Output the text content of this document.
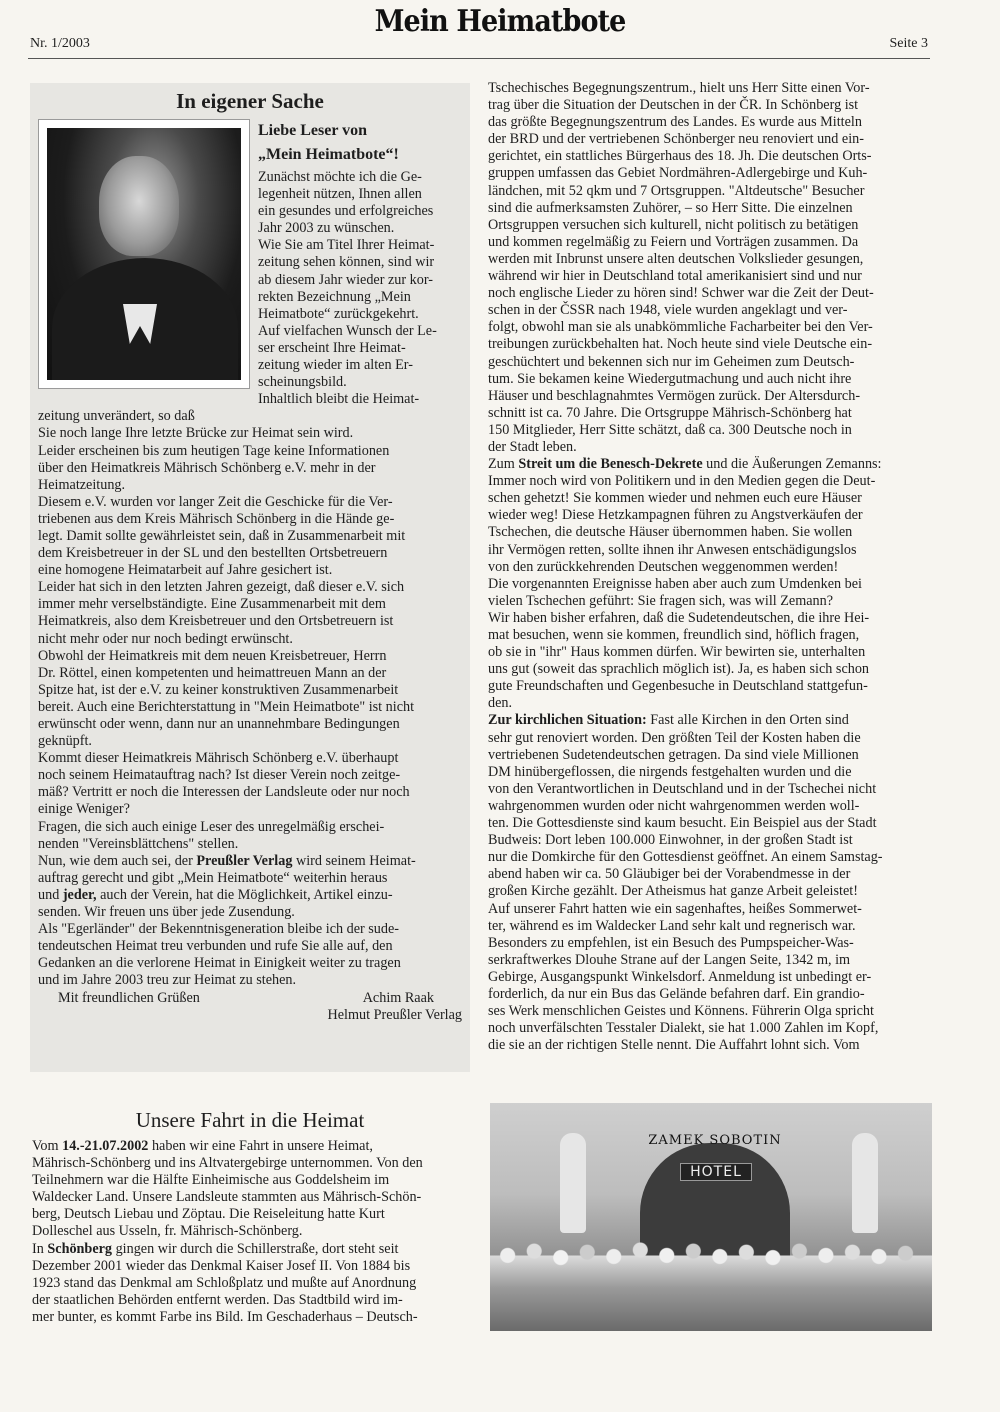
Nr. 1/2003
Mein Heimatbote
Seite 3
In eigener Sache

Liebe Leser von

„Mein Heimatbote“!

Zunächst möchte ich die Ge-

legenheit nützen, Ihnen allen

ein gesundes und erfolgreiches

Jahr 2003 zu wünschen.

Wie Sie am Titel Ihrer Heimat-

zeitung sehen können, sind wir

ab diesem Jahr wieder zur kor-

rekten Bezeichnung „Mein

Heimatbote“ zurückgekehrt.

Auf vielfachen Wunsch der Le-

ser erscheint Ihre Heimat-

zeitung wieder im alten Er-

scheinungsbild.

Inhaltlich bleibt die Heimat-

zeitung unverändert, so daß

Sie noch lange Ihre letzte Brücke zur Heimat sein wird.

Leider erscheinen bis zum heutigen Tage keine Informationen

über den Heimatkreis Mährisch Schönberg e.V. mehr in der

Heimatzeitung.

Diesem e.V. wurden vor langer Zeit die Geschicke für die Ver-

triebenen aus dem Kreis Mährisch Schönberg in die Hände ge-

legt. Damit sollte gewährleistet sein, daß in Zusammenarbeit mit

dem Kreisbetreuer in der SL und den bestellten Ortsbetreuern

eine homogene Heimatarbeit auf Jahre gesichert ist.

Leider hat sich in den letzten Jahren gezeigt, daß dieser e.V. sich

immer mehr verselbständigte. Eine Zusammenarbeit mit dem

Heimatkreis, also dem Kreisbetreuer und den Ortsbetreuern ist

nicht mehr oder nur noch bedingt erwünscht.

Obwohl der Heimatkreis mit dem neuen Kreisbetreuer, Herrn

Dr. Röttel, einen kompetenten und heimattreuen Mann an der

Spitze hat, ist der e.V. zu keiner konstruktiven Zusammenarbeit

bereit. Auch eine Berichterstattung in "Mein Heimatbote" ist nicht

erwünscht oder wenn, dann nur an unannehmbare Bedingungen

geknüpft.

Kommt dieser Heimatkreis Mährisch Schönberg e.V. überhaupt

noch seinem Heimatauftrag nach? Ist dieser Verein noch zeitge-

mäß? Vertritt er noch die Interessen der Landsleute oder nur noch

einige Weniger?

Fragen, die sich auch einige Leser des unregelmäßig erschei-

nenden "Vereinsblättchens" stellen.

Nun, wie dem auch sei, der Preußler Verlag wird seinem Heimat-

auftrag gerecht und gibt „Mein Heimatbote“ weiterhin heraus

und jeder, auch der Verein, hat die Möglichkeit, Artikel einzu-

senden. Wir freuen uns über jede Zusendung.

Als "Egerländer" der Bekenntnisgeneration bleibe ich der sude-

tendeutschen Heimat treu verbunden und rufe Sie alle auf, den

Gedanken an die verlorene Heimat in Einigkeit weiter zu tragen

und im Jahre 2003 treu zur Heimat zu stehen.

Mit freundlichen Grüßen	Achim Raak
Helmut Preußler Verlag
Unsere Fahrt in die Heimat

Vom 14.-21.07.2002 haben wir eine Fahrt in unsere Heimat,

Mährisch-Schönberg und ins Altvatergebirge unternommen. Von den

Teilnehmern war die Hälfte Einheimische aus Goddelsheim im

Waldecker Land. Unsere Landsleute stammten aus Mährisch-Schön-

berg, Deutsch Liebau und Zöptau. Die Reiseleitung hatte Kurt

Dolleschel aus Usseln, fr. Mährisch-Schönberg.

In Schönberg gingen wir durch die Schillerstraße, dort steht seit

Dezember 2001 wieder das Denkmal Kaiser Josef II. Von 1884 bis

1923 stand das Denkmal am Schloßplatz und mußte auf Anordnung

der staatlichen Behörden entfernt werden. Das Stadtbild wird im-

mer bunter, es kommt Farbe ins Bild. Im Geschaderhaus – Deutsch-

Tschechisches Begegnungszentrum., hielt uns Herr Sitte einen Vor-

trag über die Situation der Deutschen in der ČR. In Schönberg ist

das größte Begegnungszentrum des Landes. Es wurde aus Mitteln

der BRD und der vertriebenen Schönberger neu renoviert und ein-

gerichtet, ein stattliches Bürgerhaus des 18. Jh. Die deutschen Orts-

gruppen umfassen das Gebiet Nordmähren-Adlergebirge und Kuh-

ländchen, mit 52 qkm und 7 Ortsgruppen. "Altdeutsche" Besucher

sind die aufmerksamsten Zuhörer, – so Herr Sitte. Die einzelnen

Ortsgruppen versuchen sich kulturell, nicht politisch zu betätigen

und kommen regelmäßig zu Feiern und Vorträgen zusammen. Da

werden mit Inbrunst unsere alten deutschen Volkslieder gesungen,

während wir hier in Deutschland total amerikanisiert sind und nur

noch englische Lieder zu hören sind! Schwer war die Zeit der Deut-

schen in der ČSSR nach 1948, viele wurden angeklagt und ver-

folgt, obwohl man sie als unabkömmliche Facharbeiter bei den Ver-

treibungen zurückbehalten hat. Noch heute sind viele Deutsche ein-

geschüchtert und bekennen sich nur im Geheimen zum Deutsch-

tum. Sie bekamen keine Wiedergutmachung und auch nicht ihre

Häuser und beschlagnahmtes Vermögen zurück. Der Altersdurch-

schnitt ist ca. 70 Jahre. Die Ortsgruppe Mährisch-Schönberg hat

150 Mitglieder, Herr Sitte schätzt, daß ca. 300 Deutsche noch in

der Stadt leben.

Zum Streit um die Benesch-Dekrete und die Äußerungen Zemanns:

Immer noch wird von Politikern und in den Medien gegen die Deut-

schen gehetzt! Sie kommen wieder und nehmen euch eure Häuser

wieder weg! Diese Hetzkampagnen führen zu Angstverkäufen der

Tschechen, die deutsche Häuser übernommen haben. Sie wollen

ihr Vermögen retten, sollte ihnen ihr Anwesen entschädigungslos

von den zurückkehrenden Deutschen weggenommen werden!

Die vorgenannten Ereignisse haben aber auch zum Umdenken bei

vielen Tschechen geführt: Sie fragen sich, was will Zemann?

Wir haben bisher erfahren, daß die Sudetendeutschen, die ihre Hei-

mat besuchen, wenn sie kommen, freundlich sind, höflich fragen,

ob sie in "ihr" Haus kommen dürfen. Wir bewirten sie, unterhalten

uns gut (soweit das sprachlich möglich ist). Ja, es haben sich schon

gute Freundschaften und Gegenbesuche in Deutschland stattgefun-

den.

Zur kirchlichen Situation: Fast alle Kirchen in den Orten sind

sehr gut renoviert worden. Den größten Teil der Kosten haben die

vertriebenen Sudetendeutschen getragen. Da sind viele Millionen

DM hinübergeflossen, die nirgends festgehalten wurden und die

von den Verantwortlichen in Deutschland und in der Tschechei nicht

wahrgenommen wurden oder nicht wahrgenommen werden woll-

ten. Die Gottesdienste sind kaum besucht. Ein Beispiel aus der Stadt

Budweis: Dort leben 100.000 Einwohner, in der großen Stadt ist

nur die Domkirche für den Gottesdienst geöffnet. An einem Samstag-

abend haben wir ca. 50 Gläubiger bei der Vorabendmesse in der

großen Kirche gezählt. Der Atheismus hat ganze Arbeit geleistet!

Auf unserer Fahrt hatten wie ein sagenhaftes, heißes Sommerwet-

ter, während es im Waldecker Land sehr kalt und regnerisch war.

Besonders zu empfehlen, ist ein Besuch des Pumpspeicher-Was-

serkraftwerkes Dlouhe Strane auf der Langen Seite, 1342 m, im

Gebirge, Ausgangspunkt Winkelsdorf. Anmeldung ist unbedingt er-

forderlich, da nur ein Bus das Gelände befahren darf. Ein grandio-

ses Werk menschlichen Geistes und Könnens. Führerin Olga spricht

noch unverfälschten Tesstaler Dialekt, sie hat 1.000 Zahlen im Kopf,

die sie an der richtigen Stelle nennt. Die Auffahrt lohnt sich. Vom

ZAMEK SOBOTIN
HOTEL
